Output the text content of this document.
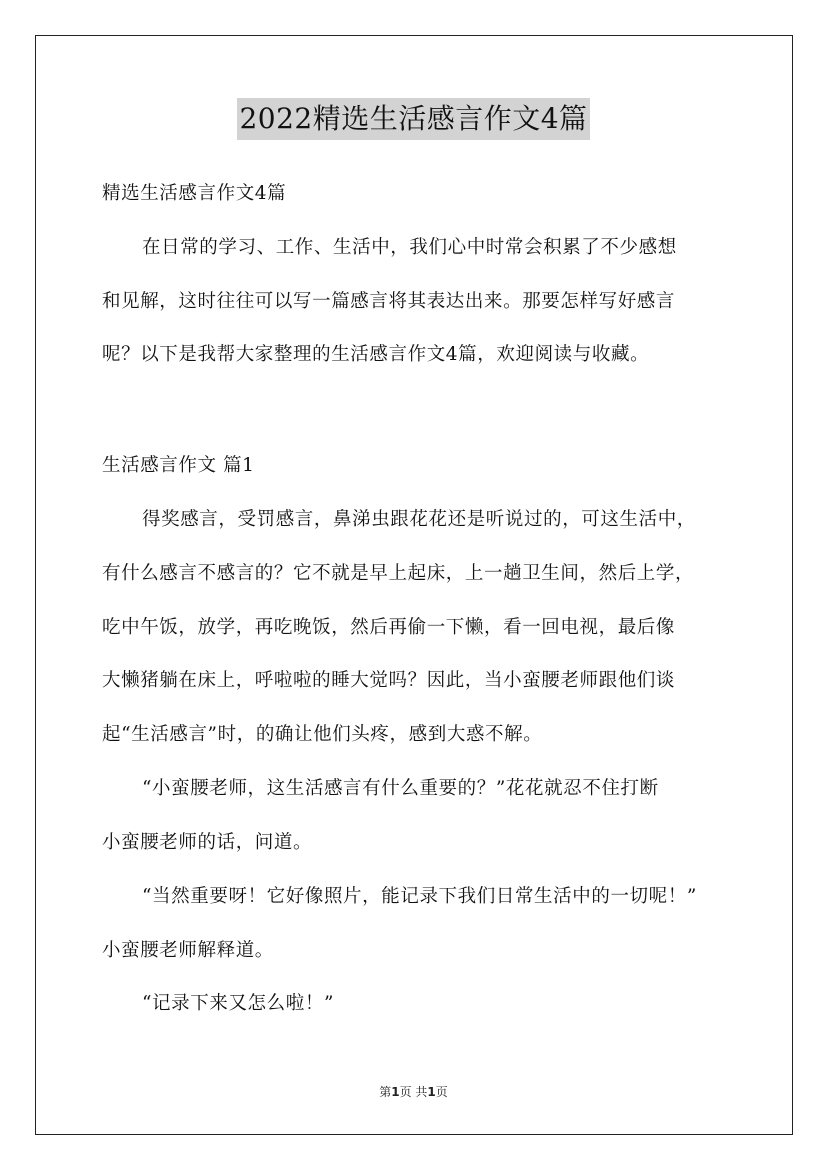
2022精选生活感言作文4篇
精选生活感言作文4篇
在日常的学习、工作、生活中，我们心中时常会积累了不少感想
和见解，这时往往可以写一篇感言将其表达出来。那要怎样写好感言
呢？以下是我帮大家整理的生活感言作文4篇，欢迎阅读与收藏。
生活感言作文 篇1
得奖感言，受罚感言，鼻涕虫跟花花还是听说过的，可这生活中，
有什么感言不感言的？它不就是早上起床，上一趟卫生间，然后上学，
吃中午饭，放学，再吃晚饭，然后再偷一下懒，看一回电视，最后像
大懒猪躺在床上，呼啦啦的睡大觉吗？因此，当小蛮腰老师跟他们谈
起“生活感言”时，的确让他们头疼，感到大惑不解。
“小蛮腰老师，这生活感言有什么重要的？”花花就忍不住打断
小蛮腰老师的话，问道。
“当然重要呀！它好像照片，能记录下我们日常生活中的一切呢！”
小蛮腰老师解释道。
“记录下来又怎么啦！”
第1页 共1页
